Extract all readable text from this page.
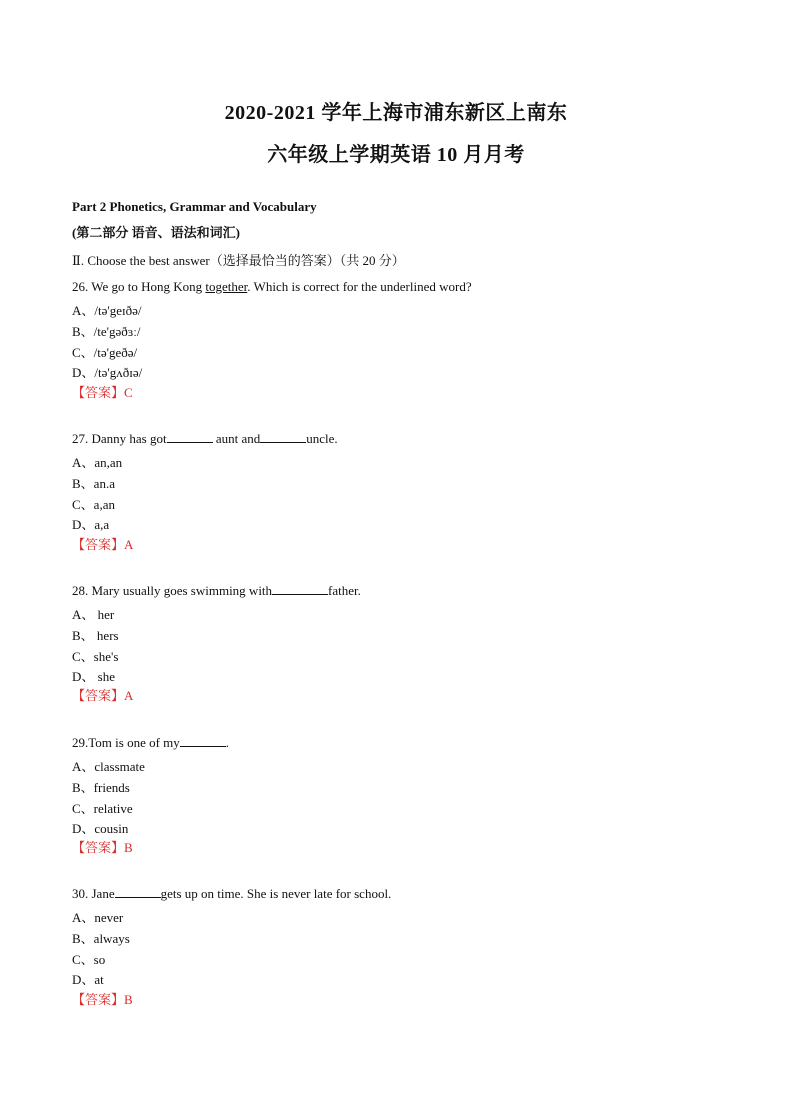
2020-2021 学年上海市浦东新区上南东
六年级上学期英语 10 月月考
Part 2 Phonetics, Grammar and Vocabulary
(第二部分 语音、语法和词汇)
Ⅱ. Choose the best answer（选择最恰当的答案）（共 20 分）
26. We go to Hong Kong together. Which is correct for the underlined word?
A、/tə'geɪðə/
B、/te'gəðɜː/
C、/tə'geðə/
D、/tə'gʌðɪə/
【答案】C
27. Danny has got	aunt and	uncle.
A、an,an
B、an.a
C、a,an
D、a,a
【答案】A
28. Mary usually goes swimming with	father.
A、 her
B、 hers
C、she's
D、 she
【答案】A
29.Tom is one of my	.
A、classmate
B、friends
C、relative
D、cousin
【答案】B
30. Jane	gets up on time. She is never late for school.
A、never
B、always
C、so
D、at
【答案】B
